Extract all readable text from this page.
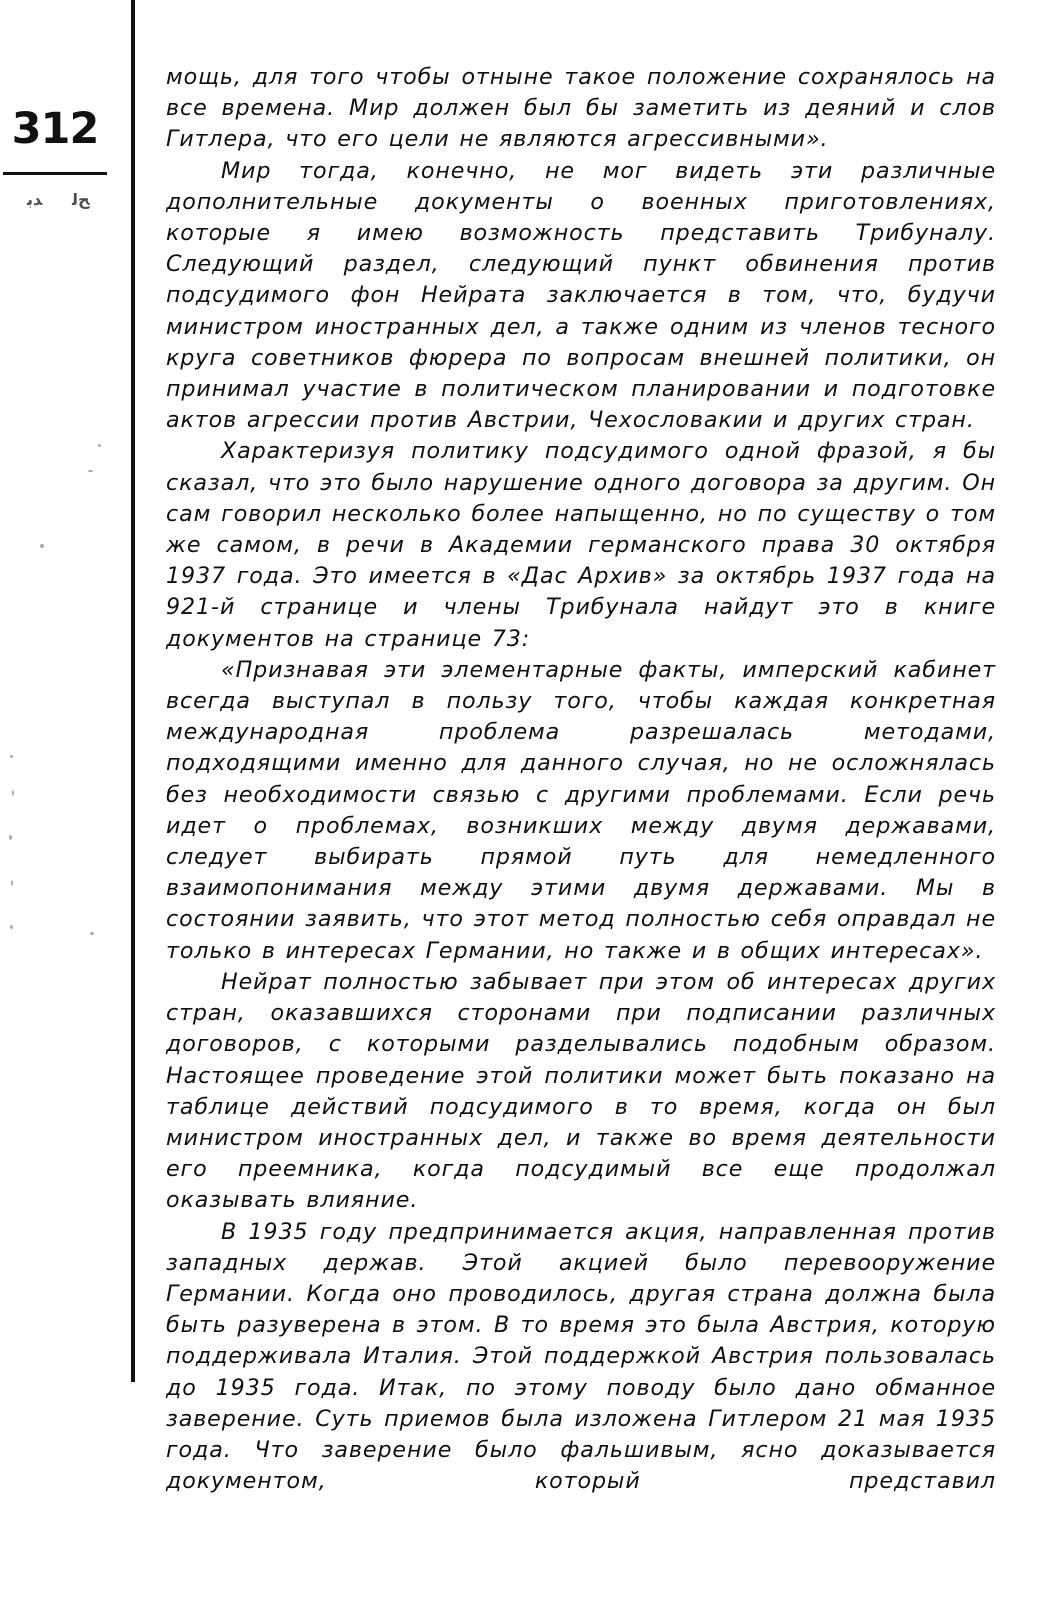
312
ﺪﺑ ﺢﻟ

мощь, для того чтобы отныне такое положение сохранялось на все времена. Мир должен был бы заметить из деяний и слов Гитлера, что его цели не являются агрессивными».

Мир тогда, конечно, не мог видеть эти различные дополнительные документы о военных приготовлениях, которые я имею возможность представить Трибуналу. Следующий раздел, следующий пункт обвинения против подсудимого фон Нейрата заключается в том, что, будучи министром иностранных дел, а также одним из членов тесного круга советников фюрера по вопросам внешней политики, он принимал участие в политическом планировании и подготовке актов агрессии против Австрии, Чехословакии и других стран.

Характеризуя политику подсудимого одной фразой, я бы сказал, что это было нарушение одного договора за другим. Он сам говорил несколько более напыщенно, но по существу о том же самом, в речи в Академии германского права 30 октября 1937 года. Это имеется в «Дас Архив» за октябрь 1937 года на 921-й странице и члены Трибунала найдут это в книге документов на странице 73:

«Признавая эти элементарные факты, имперский кабинет всегда выступал в пользу того, чтобы каждая конкретная международная проблема разрешалась методами, подходящими именно для данного случая, но не осложнялась без необходимости связью с другими проблемами. Если речь идет о проблемах, возникших между двумя державами, следует выбирать прямой путь для немедленного взаимопонимания между этими двумя державами. Мы в состоянии заявить, что этот метод полностью себя оправдал не только в интересах Германии, но также и в общих интересах».

Нейрат полностью забывает при этом об интересах других стран, оказавшихся сторонами при подписании различных договоров, с которыми разделывались подобным образом. Настоящее проведение этой политики может быть показано на таблице действий подсудимого в то время, когда он был министром иностранных дел, и также во время деятельности его преемника, когда подсудимый все еще продолжал оказывать влияние.

В 1935 году предпринимается акция, направленная против западных держав. Этой акцией было перевооружение Германии. Когда оно проводилось, другая страна должна была быть разуверена в этом. В то время это была Австрия, которую поддерживала Италия. Этой поддержкой Австрия пользовалась до 1935 года. Итак, по этому поводу было дано обманное заверение. Суть приемов была изложена Гитлером 21 мая 1935 года. Что заверение было фальшивым, ясно доказывается документом, который представил
